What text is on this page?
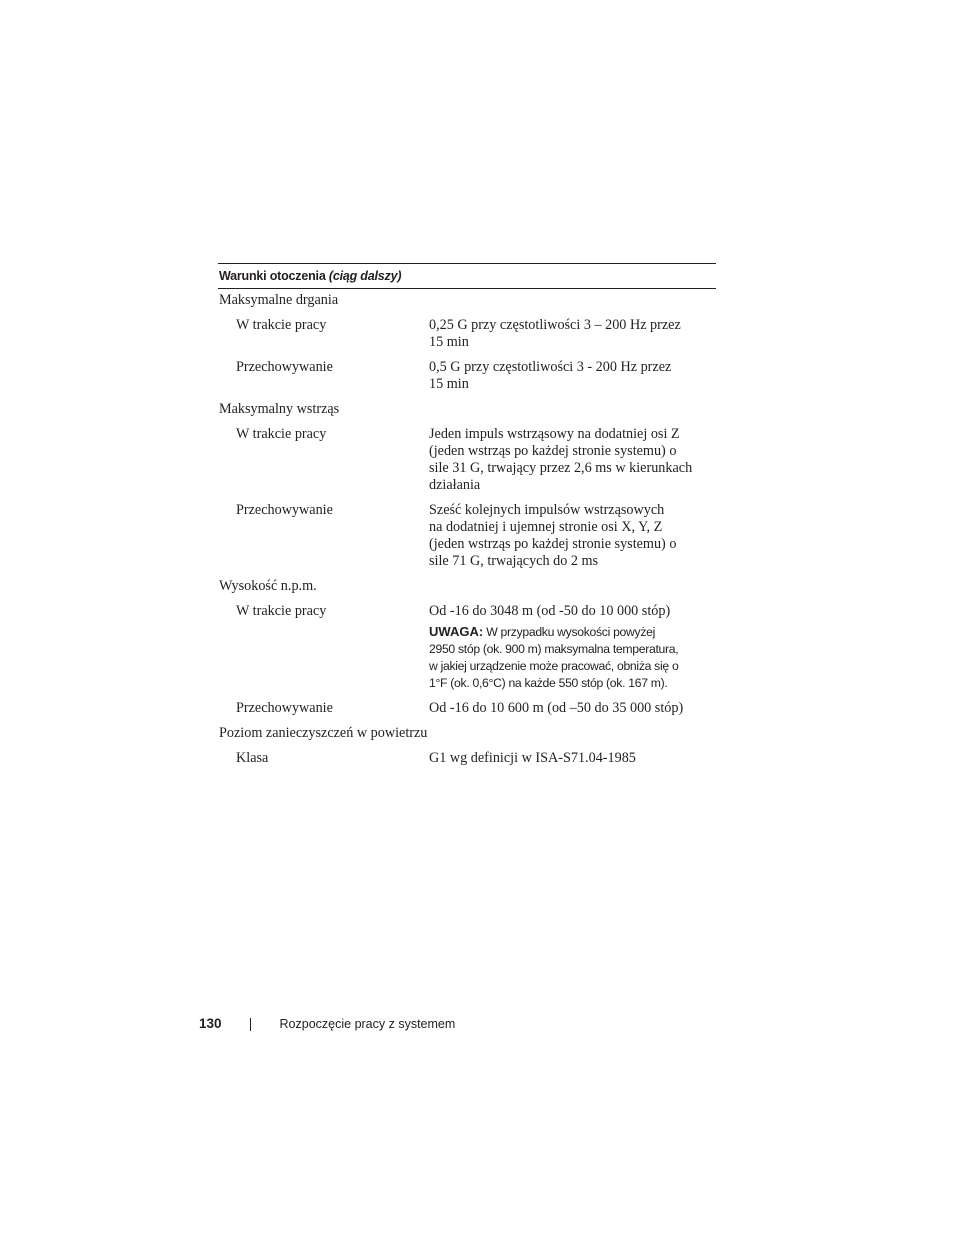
Warunki otoczenia (ciąg dalszy)
Maksymalne drgania
W trakcie pracy	0,25 G przy częstotliwości 3 – 200 Hz przez
15 min
Przechowywanie	0,5 G przy częstotliwości 3 - 200 Hz przez
15 min
Maksymalny wstrząs
W trakcie pracy	Jeden impuls wstrząsowy na dodatniej osi Z
(jeden wstrząs po każdej stronie systemu) o
sile 31 G, trwający przez 2,6 ms w kierunkach
działania
Przechowywanie	Sześć kolejnych impulsów wstrząsowych
na dodatniej i ujemnej stronie osi X, Y, Z
(jeden wstrząs po każdej stronie systemu) o
sile 71 G, trwających do 2 ms
Wysokość n.p.m.
W trakcie pracy	Od -16 do 3048 m (od -50 do 10 000 stóp)
UWAGA: W przypadku wysokości powyżej
2950 stóp (ok. 900 m) maksymalna temperatura,
w jakiej urządzenie może pracować, obniża się o
1°F (ok. 0,6°C) na każde 550 stóp (ok. 167 m).
Przechowywanie	Od -16 do 10 600 m (od –50 do 35 000 stóp)
Poziom zanieczyszczeń w powietrzu
Klasa	G1 wg definicji w ISA-S71.04-1985
130	Rozpoczęcie pracy z systemem
